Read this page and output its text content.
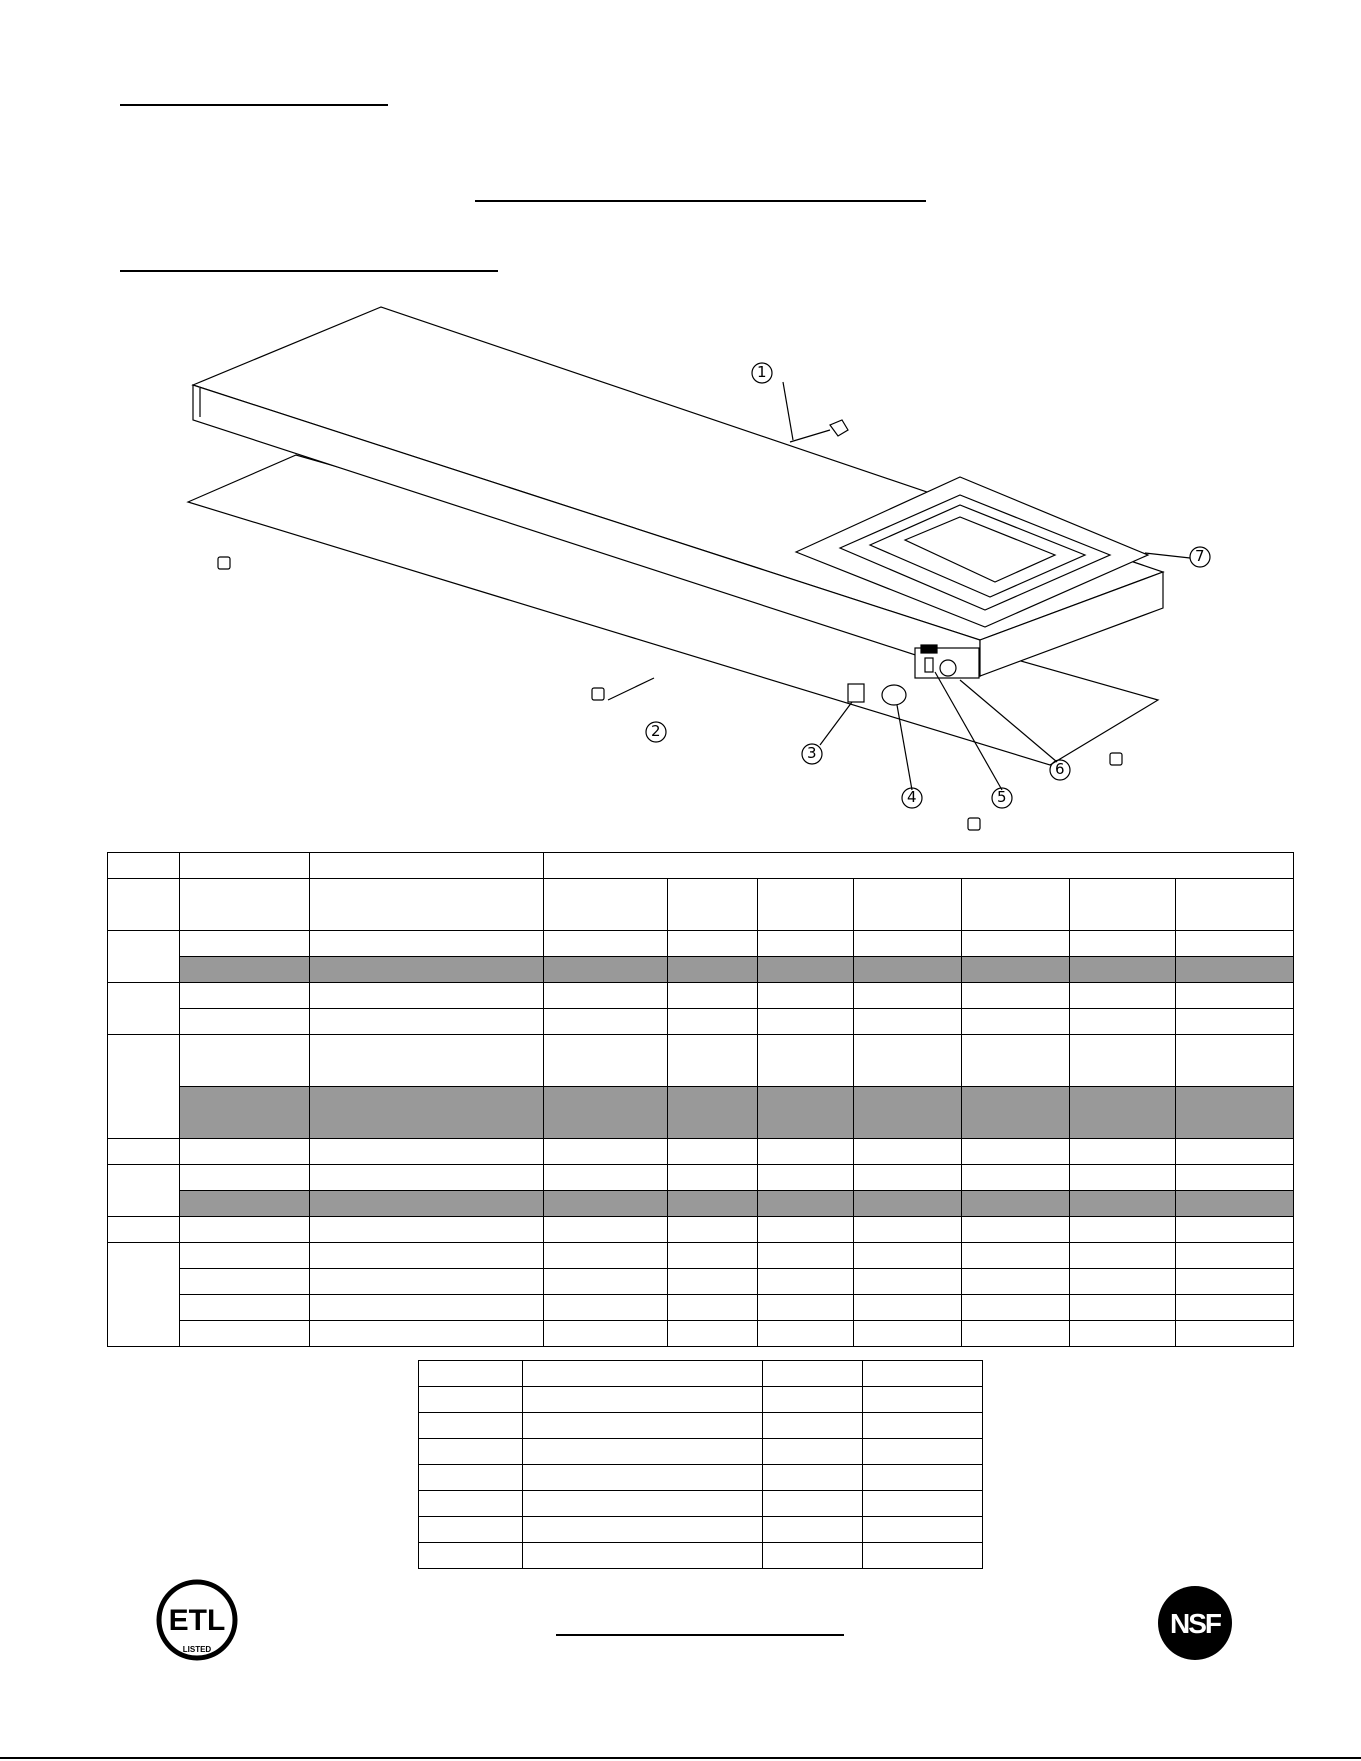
1
2
3
4	5
6
7

ETL
LISTED
NSF
